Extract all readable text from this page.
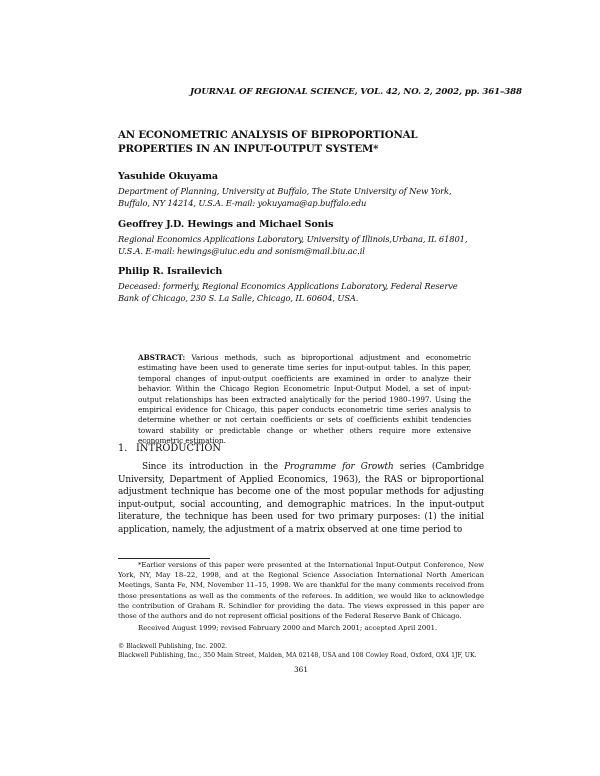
JOURNAL OF REGIONAL SCIENCE, VOL. 42, NO. 2, 2002, pp. 361–388
AN ECONOMETRIC ANALYSIS OF BIPROPORTIONAL
PROPERTIES IN AN INPUT-OUTPUT SYSTEM*
Yasuhide Okuyama
Department of Planning, University at Buffalo, The State University of New York,
Buffalo, NY 14214, U.S.A. E-mail: yokuyama@ap.buffalo.edu
Geoffrey J.D. Hewings and Michael Sonis
Regional Economics Applications Laboratory, University of Illinois,Urbana, IL 61801,
U.S.A. E-mail: hewings@uiuc.edu and sonism@mail.biu.ac.il
Philip R. Israilevich
Deceased: formerly, Regional Economics Applications Laboratory, Federal Reserve
Bank of Chicago, 230 S. La Salle, Chicago, IL 60604, USA.
ABSTRACT: Various methods, such as biproportional adjustment and econometric estimating have been used to generate time series for input-output tables. In this paper, temporal changes of input-output coefficients are examined in order to analyze their behavior. Within the Chicago Region Econometric Input-Output Model, a set of input-output relationships has been extracted analytically for the period 1980–1997. Using the empirical evidence for Chicago, this paper conducts econometric time series analysis to determine whether or not certain coefficients or sets of coefficients exhibit tendencies toward stability or predictable change or whether others require more extensive econometric estimation.
1. INTRODUCTION
Since its introduction in the Programme for Growth series (Cambridge University, Department of Applied Economics, 1963), the RAS or biproportional adjustment technique has become one of the most popular methods for adjusting input-output, social accounting, and demographic matrices. In the input-output literature, the technique has been used for two primary purposes: (1) the initial application, namely, the adjustment of a matrix observed at one time period to
*Earlier versions of this paper were presented at the International Input-Output Conference, New York, NY, May 18–22, 1998, and at the Regional Science Association International North American Meetings, Santa Fe, NM, November 11–15, 1998. We are thankful for the many comments received from those presentations as well as the comments of the referees. In addition, we would like to acknowledge the contribution of Graham R. Schindler for providing the data. The views expressed in this paper are those of the authors and do not represent official positions of the Federal Reserve Bank of Chicago.
Received August 1999; revised February 2000 and March 2001; accepted April 2001.
© Blackwell Publishing, Inc. 2002.
Blackwell Publishing, Inc., 350 Main Street, Malden, MA 02148, USA and 108 Cowley Road, Oxford, OX4 1JF, UK.
361
